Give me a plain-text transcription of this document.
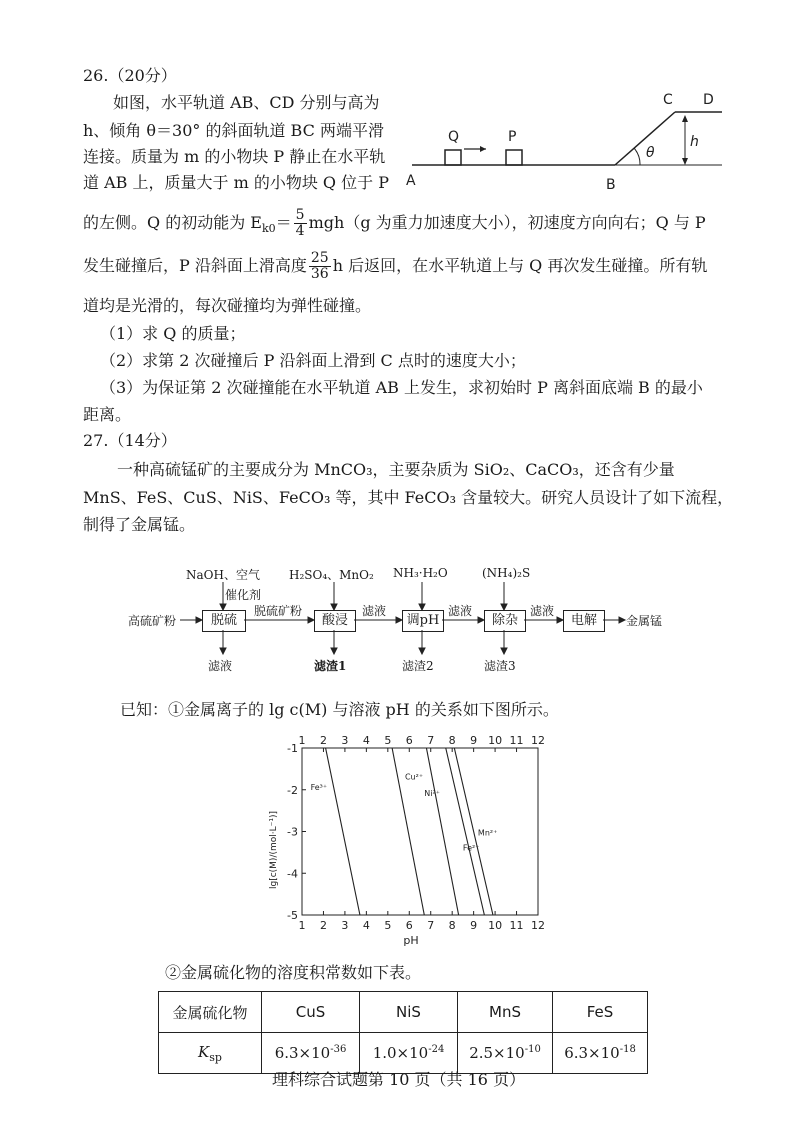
26.（20分）
如图，水平轨道 AB、CD 分别与高为
h、倾角 θ＝30° 的斜面轨道 BC 两端平滑
连接。质量为 m 的小物块 P 静止在水平轨
道 AB 上，质量大于 m 的小物块 Q 位于 P
的左侧。Q 的初动能为 $E_{k0}= \frac{5}{4} mgh(g$ 为重力加速度大小），初速度方向向右；Q 与 P
发生碰撞后，P 沿斜面上滑高度 $\frac{25}{36}$ h 后返回，在水平轨道上与 Q 再次发生碰撞。所有轨
道均是光滑的，每次碰撞均为弹性碰撞。
（1）求 Q 的质量；
（2）求第 2 次碰撞后 P 沿斜面上滑到 C 点时的速度大小；
（3）为保证第 2 次碰撞能在水平轨道 AB 上发生，求初始时 P 离斜面底端 B 的最小
距离。
Q	P
A	B
C D
h
θ
27.（14分）
一种高硫锰矿的主要成分为 MnCO₃，主要杂质为 SiO₂、CaCO₃，还含有少量
MnS、FeS、CuS、NiS、FeCO₃ 等，其中 FeCO₃ 含量较大。研究人员设计了如下流程，
制得了金属锰。
NaOH、空气
催化剂
H₂SO₄、MnO₂ NH₃·H₂O	(NH₄)₂S
高硫矿粉	脱硫
脱硫矿粉
酸浸
滤液
调pH
滤液
除杂
滤液
电解	金属锰
滤液	滤渣1	滤渣2	滤渣3
已知：①金属离子的 lg c(M) 与溶液 pH 的关系如下图所示。
Fe³⁺
Cu²⁺
Ni²⁺
Fe²⁺
Mn²⁺
1
1
2
2
3
3
4
4
5
5
6
6
7
7
8
8
9
9
10
10
11
11
12
12
-1
-2
-3
-4
-5
lg[c(M)/(mol·L⁻¹)]
pH
②金属硫化物的溶度积常数如下表。
金属硫化物	CuS	NiS	MnS	FeS
$K_{sp}$	$6.3\times 10^{-36}$	$1.0\times 10^{-24}$	$2.5\times 10^{-10}$	$6.3\times 10^{-18}$
理科综合试题第 10 页（共 16 页）
